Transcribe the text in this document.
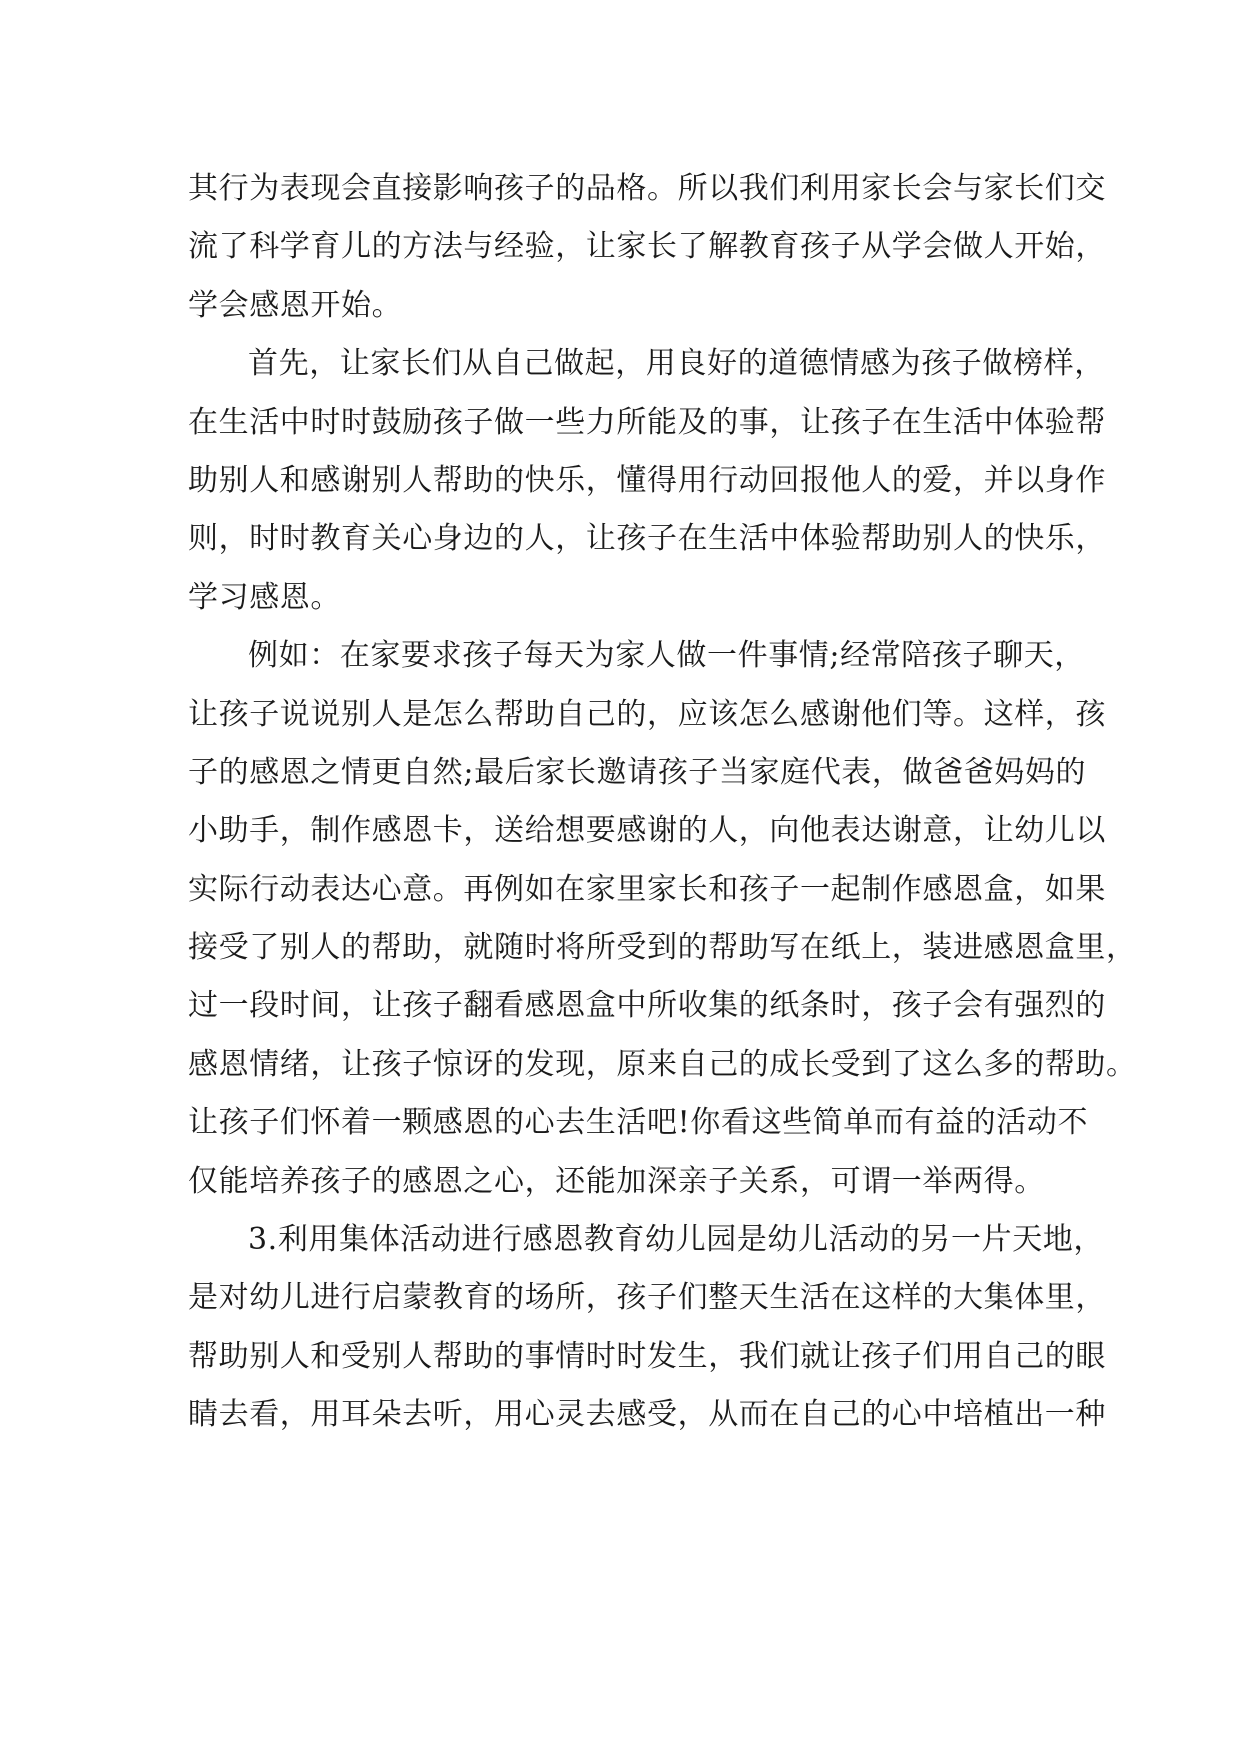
其行为表现会直接影响孩子的品格。所以我们利用家长会与家长们交
流了科学育儿的方法与经验，让家长了解教育孩子从学会做人开始，
学会感恩开始。
首先，让家长们从自己做起，用良好的道德情感为孩子做榜样，
在生活中时时鼓励孩子做一些力所能及的事，让孩子在生活中体验帮
助别人和感谢别人帮助的快乐，懂得用行动回报他人的爱，并以身作
则，时时教育关心身边的人，让孩子在生活中体验帮助别人的快乐，
学习感恩。
例如：在家要求孩子每天为家人做一件事情;经常陪孩子聊天，
让孩子说说别人是怎么帮助自己的，应该怎么感谢他们等。这样，孩
子的感恩之情更自然;最后家长邀请孩子当家庭代表，做爸爸妈妈的
小助手，制作感恩卡，送给想要感谢的人，向他表达谢意，让幼儿以
实际行动表达心意。再例如在家里家长和孩子一起制作感恩盒，如果
接受了别人的帮助，就随时将所受到的帮助写在纸上，装进感恩盒里，
过一段时间，让孩子翻看感恩盒中所收集的纸条时，孩子会有强烈的
感恩情绪，让孩子惊讶的发现，原来自己的成长受到了这么多的帮助。
让孩子们怀着一颗感恩的心去生活吧!你看这些简单而有益的活动不
仅能培养孩子的感恩之心，还能加深亲子关系，可谓一举两得。
3.利用集体活动进行感恩教育幼儿园是幼儿活动的另一片天地，
是对幼儿进行启蒙教育的场所，孩子们整天生活在这样的大集体里，
帮助别人和受别人帮助的事情时时发生，我们就让孩子们用自己的眼
睛去看，用耳朵去听，用心灵去感受，从而在自己的心中培植出一种
